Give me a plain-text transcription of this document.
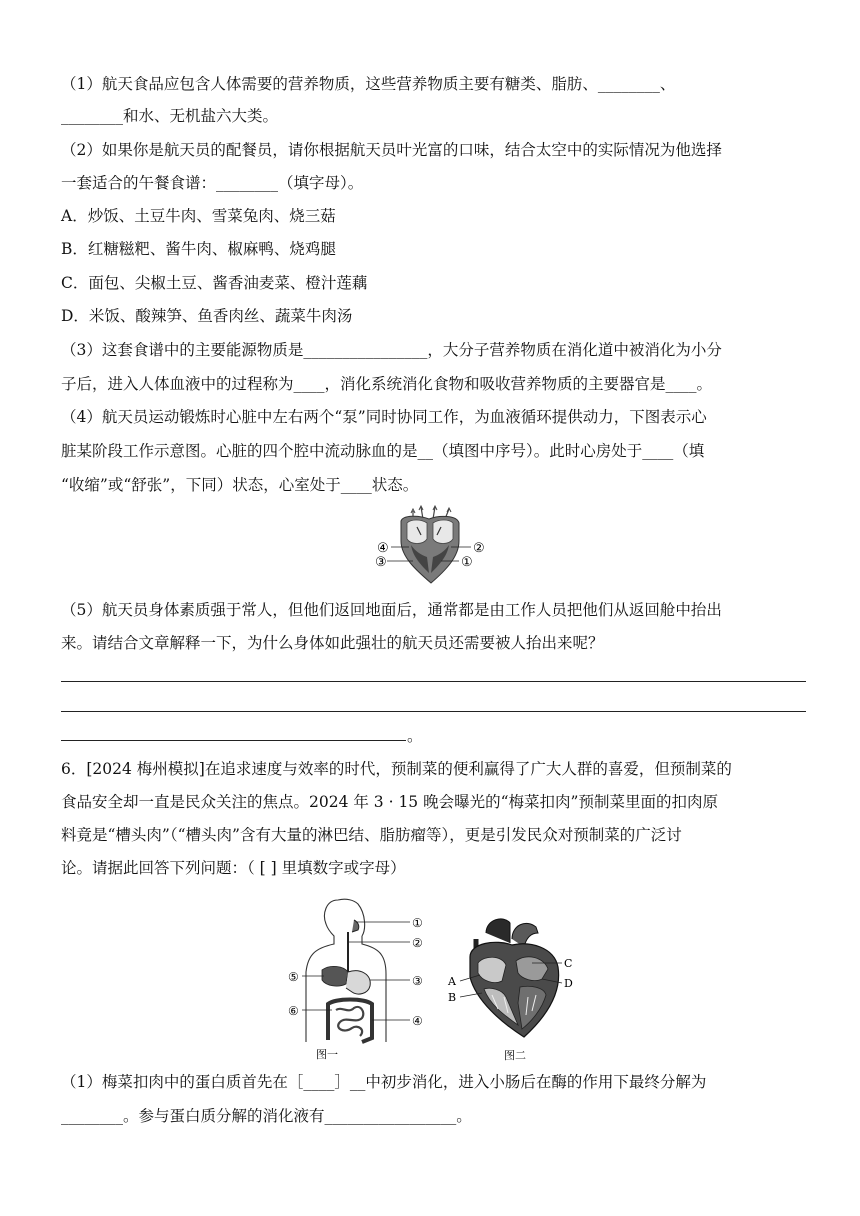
（1）航天食品应包含人体需要的营养物质，这些营养物质主要有糖类、脂肪、________、
________和水、无机盐六大类。
（2）如果你是航天员的配餐员，请你根据航天员叶光富的口味，结合太空中的实际情况为他选择
一套适合的午餐食谱：________（填字母）。
A．炒饭、土豆牛肉、雪菜兔肉、烧三菇
B．红糖糍粑、酱牛肉、椒麻鸭、烧鸡腿
C．面包、尖椒土豆、酱香油麦菜、橙汁莲藕
D．米饭、酸辣笋、鱼香肉丝、蔬菜牛肉汤
（3）这套食谱中的主要能源物质是________________，大分子营养物质在消化道中被消化为小分
子后，进入人体血液中的过程称为____，消化系统消化食物和吸收营养物质的主要器官是____。
（4）航天员运动锻炼时心脏中左右两个“泵”同时协同工作，为血液循环提供动力，下图表示心
脏某阶段工作示意图。心脏的四个腔中流动脉血的是__（填图中序号）。此时心房处于____（填
“收缩”或“舒张”，下同）状态，心室处于____状态。
④	②
③	①
（5）航天员身体素质强于常人，但他们返回地面后，通常都是由工作人员把他们从返回舱中抬出
来。请结合文章解释一下，为什么身体如此强壮的航天员还需要被人抬出来呢？
。
6．[2024 梅州模拟]在追求速度与效率的时代，预制菜的便利赢得了广大人群的喜爱，但预制菜的
食品安全却一直是民众关注的焦点。2024 年 3 · 15 晚会曝光的“梅菜扣肉”预制菜里面的扣肉原
料竟是“槽头肉”（“槽头肉”含有大量的淋巴结、脂肪瘤等），更是引发民众对预制菜的广泛讨
论。请据此回答下列问题：（ [ ] 里填数字或字母）
①
②
③
④
⑤
⑥
图一
A
B
C
D
图二
（1）梅菜扣肉中的蛋白质首先在［____］__中初步消化，进入小肠后在酶的作用下最终分解为
________。参与蛋白质分解的消化液有_________________。
